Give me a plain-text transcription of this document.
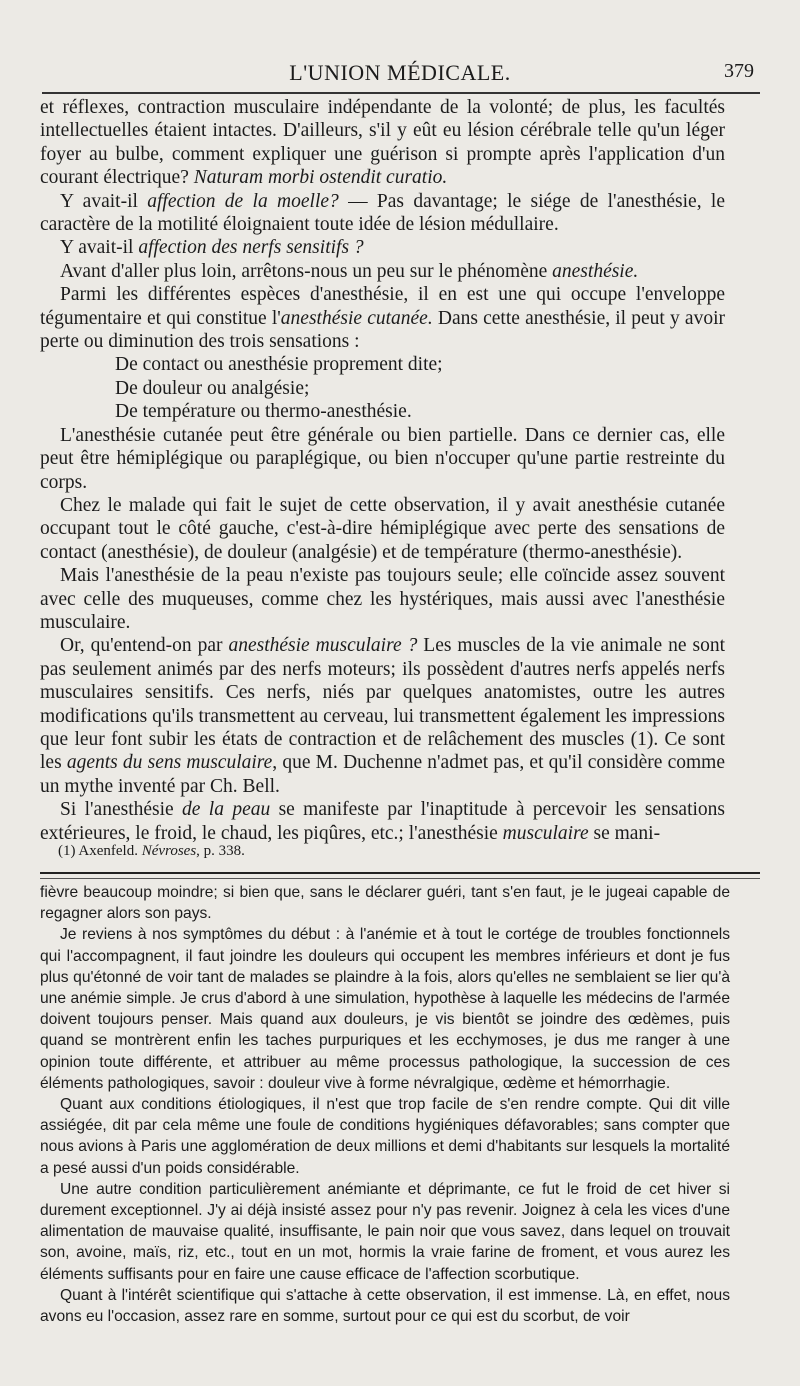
L'UNION MÉDICALE.	379

et réflexes, contraction musculaire indépendante de la volonté; de plus, les facultés intellectuelles étaient intactes. D'ailleurs, s'il y eût eu lésion cérébrale telle qu'un léger foyer au bulbe, comment expliquer une guérison si prompte après l'application d'un courant électrique? Naturam morbi ostendit curatio.

Y avait-il affection de la moelle? — Pas davantage; le siége de l'anesthésie, le caractère de la motilité éloignaient toute idée de lésion médullaire.

Y avait-il affection des nerfs sensitifs ?

Avant d'aller plus loin, arrêtons-nous un peu sur le phénomène anesthésie.

Parmi les différentes espèces d'anesthésie, il en est une qui occupe l'enveloppe tégumentaire et qui constitue l'anesthésie cutanée. Dans cette anesthésie, il peut y avoir perte ou diminution des trois sensations :

De contact ou anesthésie proprement dite;

De douleur ou analgésie;

De température ou thermo-anesthésie.

L'anesthésie cutanée peut être générale ou bien partielle. Dans ce dernier cas, elle peut être hémiplégique ou paraplégique, ou bien n'occuper qu'une partie restreinte du corps.

Chez le malade qui fait le sujet de cette observation, il y avait anesthésie cutanée occupant tout le côté gauche, c'est-à-dire hémiplégique avec perte des sensations de contact (anesthésie), de douleur (analgésie) et de température (thermo-anesthésie).

Mais l'anesthésie de la peau n'existe pas toujours seule; elle coïncide assez souvent avec celle des muqueuses, comme chez les hystériques, mais aussi avec l'anesthésie musculaire.

Or, qu'entend-on par anesthésie musculaire ? Les muscles de la vie animale ne sont pas seulement animés par des nerfs moteurs; ils possèdent d'autres nerfs appelés nerfs musculaires sensitifs. Ces nerfs, niés par quelques anatomistes, outre les autres modifications qu'ils transmettent au cerveau, lui transmettent également les impressions que leur font subir les états de contraction et de relâchement des muscles (1). Ce sont les agents du sens musculaire, que M. Duchenne n'admet pas, et qu'il considère comme un mythe inventé par Ch. Bell.

Si l'anesthésie de la peau se manifeste par l'inaptitude à percevoir les sensations extérieures, le froid, le chaud, les piqûres, etc.; l'anesthésie musculaire se mani-

(1) Axenfeld. Névroses, p. 338.

fièvre beaucoup moindre; si bien que, sans le déclarer guéri, tant s'en faut, je le jugeai capable de regagner alors son pays.

Je reviens à nos symptômes du début : à l'anémie et à tout le cortége de troubles fonctionnels qui l'accompagnent, il faut joindre les douleurs qui occupent les membres inférieurs et dont je fus plus qu'étonné de voir tant de malades se plaindre à la fois, alors qu'elles ne semblaient se lier qu'à une anémie simple. Je crus d'abord à une simulation, hypothèse à laquelle les médecins de l'armée doivent toujours penser. Mais quand aux douleurs, je vis bientôt se joindre des œdèmes, puis quand se montrèrent enfin les taches purpuriques et les ecchymoses, je dus me ranger à une opinion toute différente, et attribuer au même processus pathologique, la succession de ces éléments pathologiques, savoir : douleur vive à forme névralgique, œdème et hémorrhagie.

Quant aux conditions étiologiques, il n'est que trop facile de s'en rendre compte. Qui dit ville assiégée, dit par cela même une foule de conditions hygiéniques défavorables; sans compter que nous avions à Paris une agglomération de deux millions et demi d'habitants sur lesquels la mortalité a pesé aussi d'un poids considérable.

Une autre condition particulièrement anémiante et déprimante, ce fut le froid de cet hiver si durement exceptionnel. J'y ai déjà insisté assez pour n'y pas revenir. Joignez à cela les vices d'une alimentation de mauvaise qualité, insuffisante, le pain noir que vous savez, dans lequel on trouvait son, avoine, maïs, riz, etc., tout en un mot, hormis la vraie farine de froment, et vous aurez les éléments suffisants pour en faire une cause efficace de l'affection scorbutique.

Quant à l'intérêt scientifique qui s'attache à cette observation, il est immense. Là, en effet, nous avons eu l'occasion, assez rare en somme, surtout pour ce qui est du scorbut, de voir
